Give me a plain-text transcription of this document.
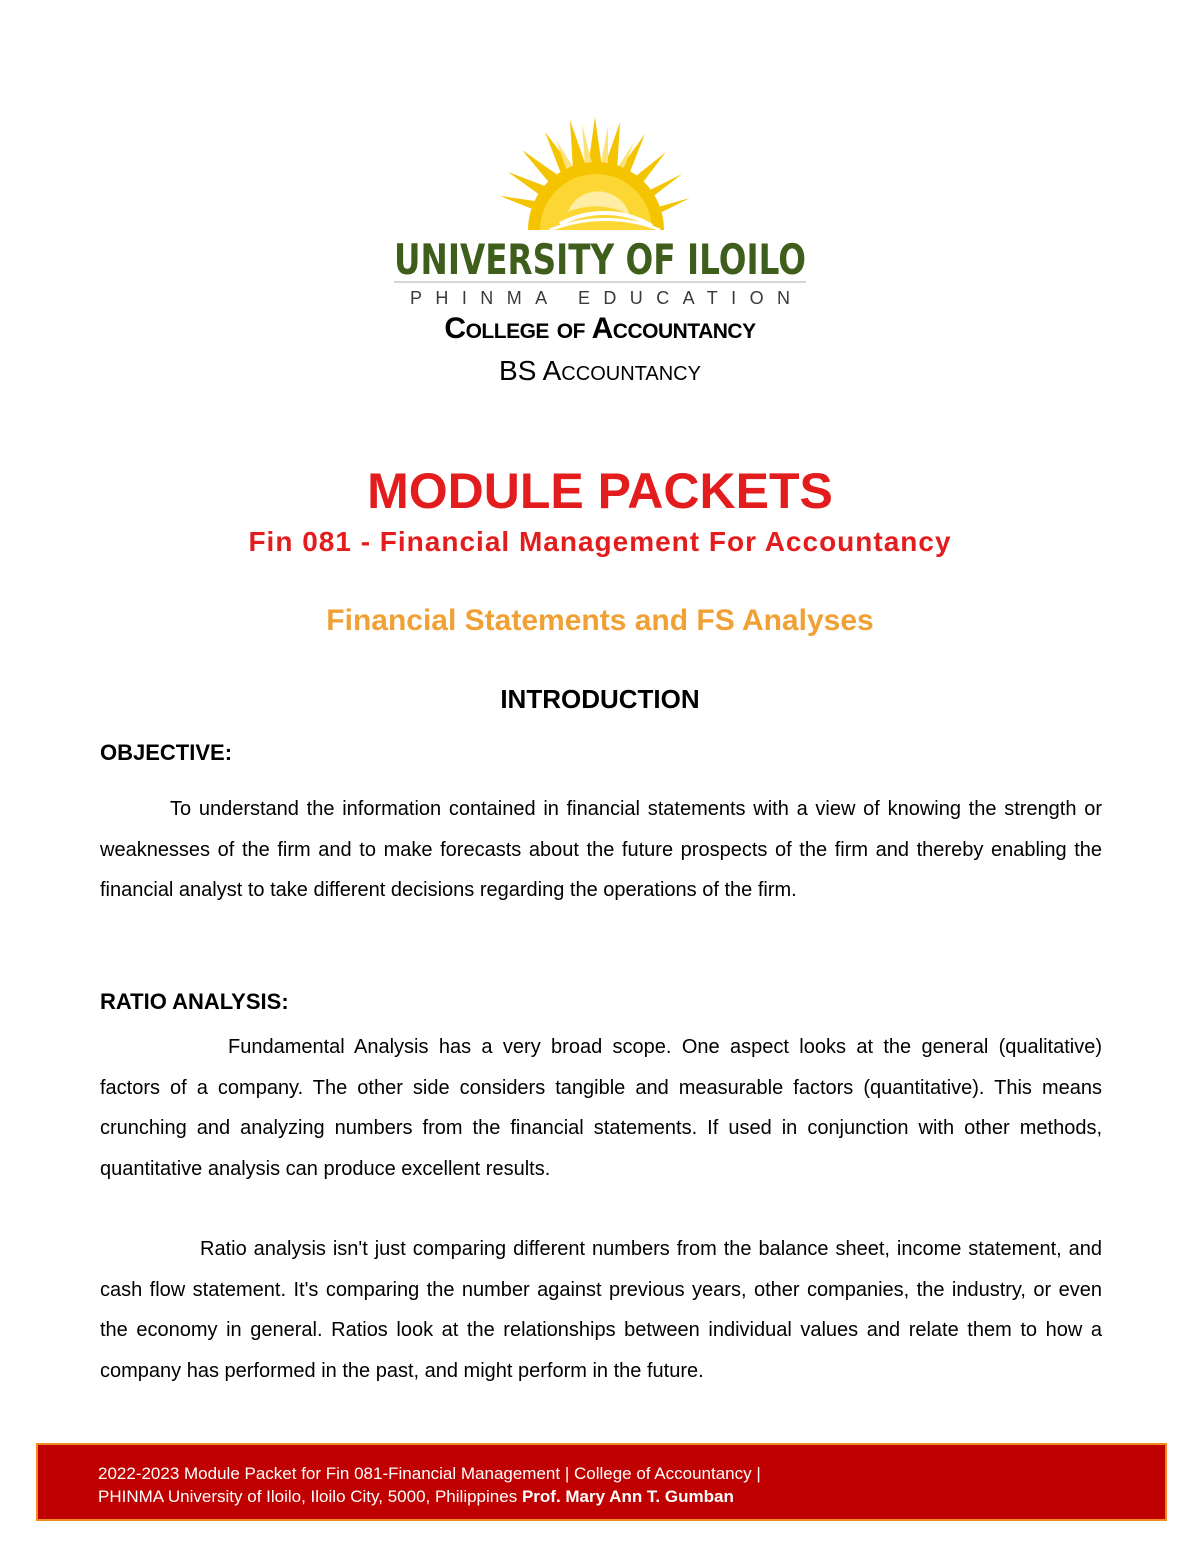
UNIVERSITY OF ILOILO
PHINMA EDUCATION
College of Accountancy
BS Accountancy
MODULE PACKETS
Fin 081 - Financial Management For Accountancy
Financial Statements and FS Analyses
INTRODUCTION
OBJECTIVE:

To understand the information contained in financial statements with a view of knowing the strength or weaknesses of the firm and to make forecasts about the future prospects of the firm and thereby enabling the financial analyst to take different decisions regarding the operations of the firm.

RATIO ANALYSIS:

Fundamental Analysis has a very broad scope. One aspect looks at the general (qualitative) factors of a company. The other side considers tangible and measurable factors (quantitative). This means crunching and analyzing numbers from the financial statements. If used in conjunction with other methods, quantitative analysis can produce excellent results.

Ratio analysis isn't just comparing different numbers from the balance sheet, income statement, and cash flow statement. It's comparing the number against previous years, other companies, the industry, or even the economy in general. Ratios look at the relationships between individual values and relate them to how a company has performed in the past, and might perform in the future.

2022-2023 Module Packet for Fin 081-Financial Management | College of Accountancy |
PHINMA University of Iloilo, Iloilo City, 5000, Philippines Prof. Mary Ann T. Gumban
